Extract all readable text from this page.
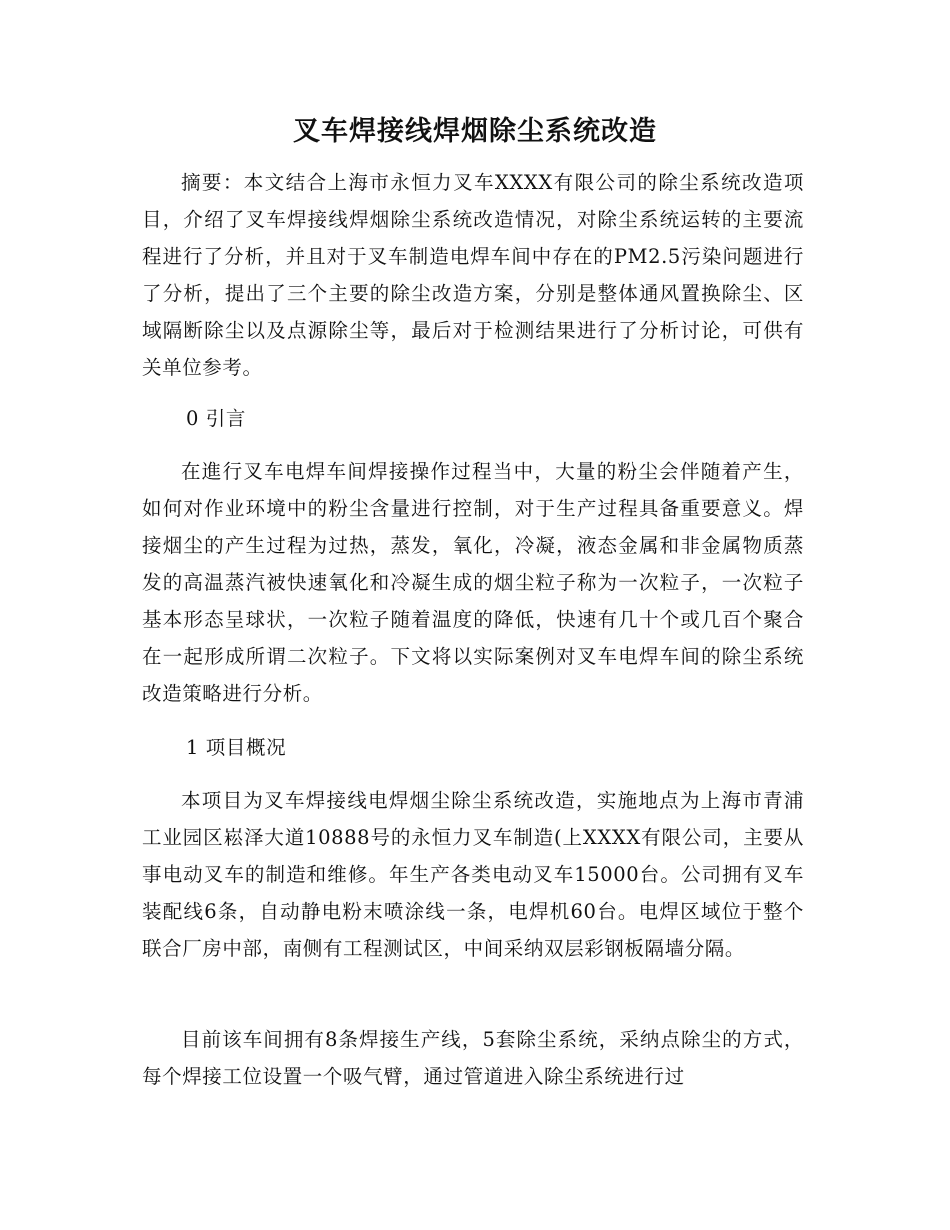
叉车焊接线焊烟除尘系统改造

摘要：本文结合上海市永恒力叉车XXXX有限公司的除尘系统改造项目，介绍了叉车焊接线焊烟除尘系统改造情况，对除尘系统运转的主要流程进行了分析，并且对于叉车制造电焊车间中存在的PM2.5污染问题进行了分析，提出了三个主要的除尘改造方案，分别是整体通风置换除尘、区域隔断除尘以及点源除尘等，最后对于检测结果进行了分析讨论，可供有关单位参考。

0 引言

在進行叉车电焊车间焊接操作过程当中，大量的粉尘会伴随着产生，如何对作业环境中的粉尘含量进行控制，对于生产过程具备重要意义。焊接烟尘的产生过程为过热，蒸发，氧化，冷凝，液态金属和非金属物质蒸发的高温蒸汽被快速氧化和冷凝生成的烟尘粒子称为一次粒子，一次粒子基本形态呈球状，一次粒子随着温度的降低，快速有几十个或几百个聚合在一起形成所谓二次粒子。下文将以实际案例对叉车电焊车间的除尘系统改造策略进行分析。

1 项目概况

本项目为叉车焊接线电焊烟尘除尘系统改造，实施地点为上海市青浦工业园区崧泽大道10888号的永恒力叉车制造(上XXXX有限公司，主要从事电动叉车的制造和维修。年生产各类电动叉车15000台。公司拥有叉车装配线6条，自动静电粉末喷涂线一条，电焊机60台。电焊区域位于整个联合厂房中部，南侧有工程测试区，中间采纳双层彩钢板隔墙分隔。

目前该车间拥有8条焊接生产线，5套除尘系统，采纳点除尘的方式，每个焊接工位设置一个吸气臂，通过管道进入除尘系统进行过
